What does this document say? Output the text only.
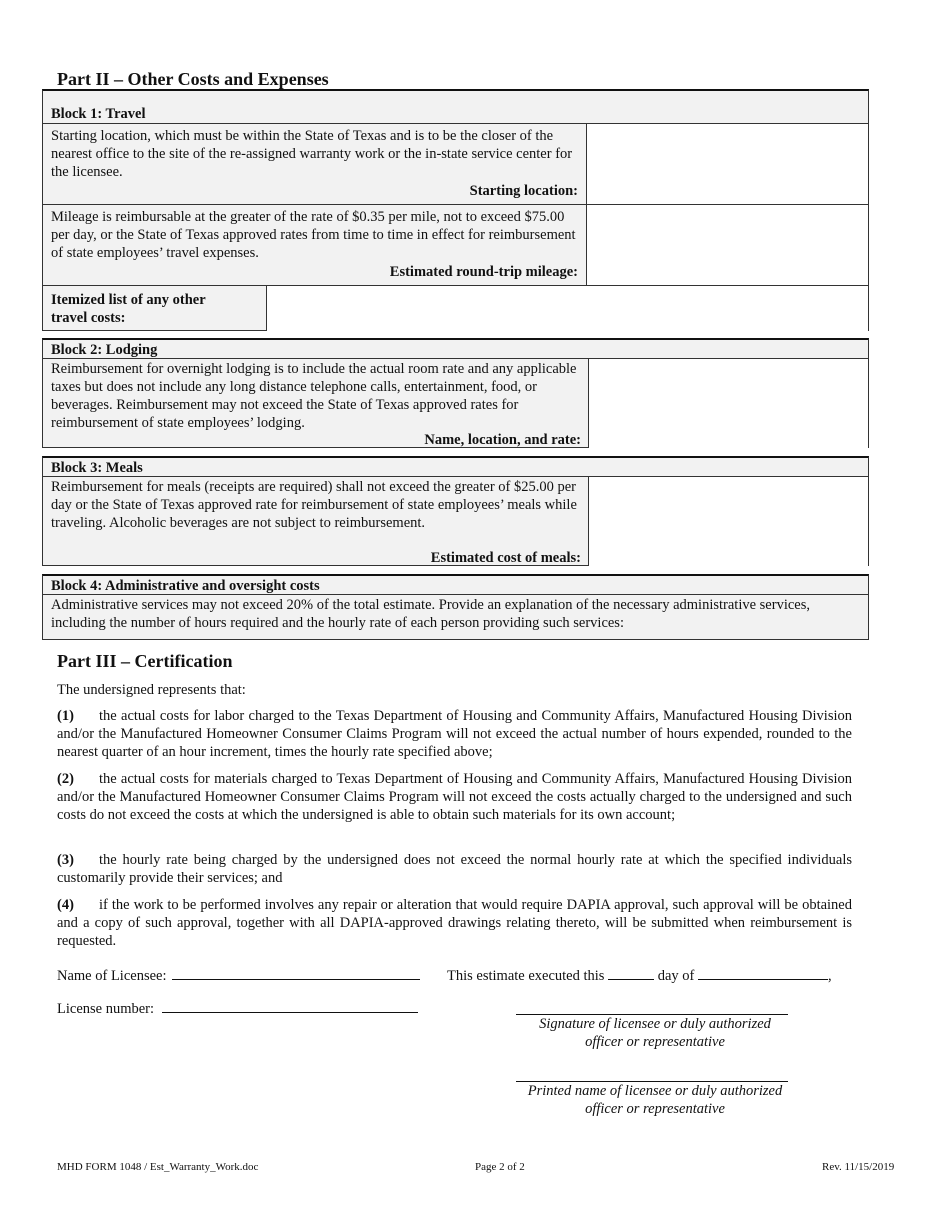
Part II – Other Costs and Expenses
Block 1: Travel
Starting location, which must be within the State of Texas and is to be the closer of the nearest office to the site of the re-assigned warranty work or the in-state service center for the licensee.
Starting location:
Mileage is reimbursable at the greater of the rate of $0.35 per mile, not to exceed $75.00 per day, or the State of Texas approved rates from time to time in effect for reimbursement of state employees’ travel expenses.
Estimated round-trip mileage:
Itemized list of any other travel costs:
Block 2: Lodging
Reimbursement for overnight lodging is to include the actual room rate and any applicable taxes but does not include any long distance telephone calls, entertainment, food, or beverages. Reimbursement may not exceed the State of Texas approved rates for reimbursement of state employees’ lodging.
Name, location, and rate:
Block 3: Meals
Reimbursement for meals (receipts are required) shall not exceed the greater of $25.00 per day or the State of Texas approved rate for reimbursement of state employees’ meals while traveling. Alcoholic beverages are not subject to reimbursement.
Estimated cost of meals:
Block 4: Administrative and oversight costs
Administrative services may not exceed 20% of the total estimate. Provide an explanation of the necessary administrative services, including the number of hours required and the hourly rate of each person providing such services:
Part III – Certification
The undersigned represents that:
(1) the actual costs for labor charged to the Texas Department of Housing and Community Affairs, Manufactured Housing Division and/or the Manufactured Homeowner Consumer Claims Program will not exceed the actual number of hours expended, rounded to the nearest quarter of an hour increment, times the hourly rate specified above;
(2) the actual costs for materials charged to Texas Department of Housing and Community Affairs, Manufactured Housing Division and/or the Manufactured Homeowner Consumer Claims Program will not exceed the costs actually charged to the undersigned and such costs do not exceed the costs at which the undersigned is able to obtain such materials for its own account;
(3) the hourly rate being charged by the undersigned does not exceed the normal hourly rate at which the specified individuals customarily provide their services; and
(4) if the work to be performed involves any repair or alteration that would require DAPIA approval, such approval will be obtained and a copy of such approval, together with all DAPIA-approved drawings relating thereto, will be submitted when reimbursement is requested.
Name of Licensee:	This estimate executed this	day of	,
License number:
Signature of licensee or duly authorized officer or representative
Printed name of licensee or duly authorized officer or representative
MHD FORM 1048 / Est_Warranty_Work.doc	Page 2 of 2	Rev. 11/15/2019
